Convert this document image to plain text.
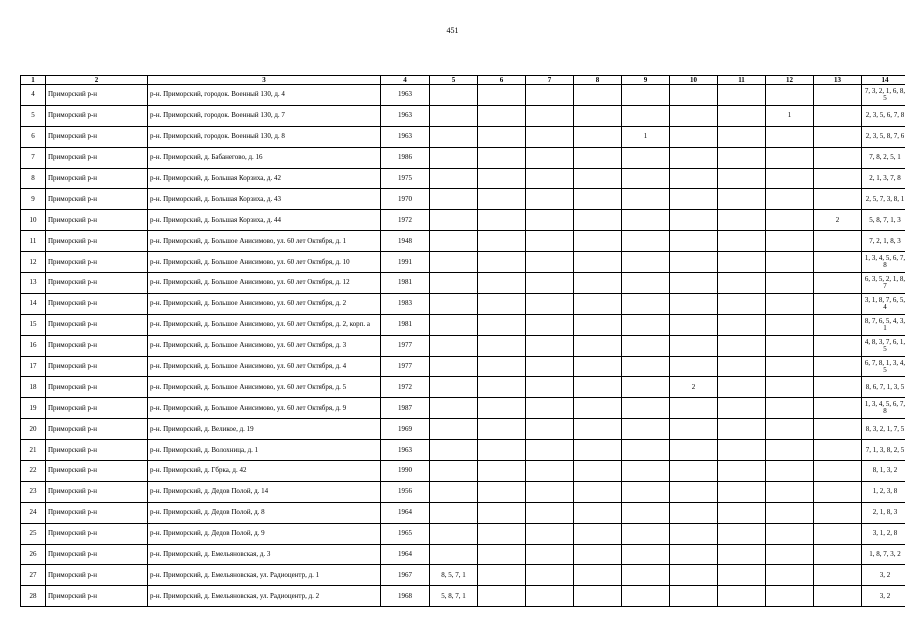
451
1	2	3	4	5	6	7	8	9	10	11	12	13	14
4	Приморский р-н	р-н. Приморский, городок. Военный 130, д. 4	1963										7, 3, 2, 1, 6, 8, 5
5	Приморский р-н	р-н. Приморский, городок. Военный 130, д. 7	1963								1		2, 3, 5, 6, 7, 8
6	Приморский р-н	р-н. Приморский, городок. Военный 130, д. 8	1963					1					2, 3, 5, 8, 7, 6
7	Приморский р-н	р-н. Приморский, д. Бабанегово, д. 16	1986										7, 8, 2, 5, 1
8	Приморский р-н	р-н. Приморский, д. Большая Корзиха, д. 42	1975										2, 1, 3, 7, 8
9	Приморский р-н	р-н. Приморский, д. Большая Корзиха, д. 43	1970										2, 5, 7, 3, 8, 1
10	Приморский р-н	р-н. Приморский, д. Большая Корзиха, д. 44	1972									2	5, 8, 7, 1, 3
11	Приморский р-н	р-н. Приморский, д. Большое Анисимово, ул. 60 лет Октября, д. 1	1948										7, 2, 1, 8, 3
12	Приморский р-н	р-н. Приморский, д. Большое Анисимово, ул. 60 лет Октября, д. 10	1991										1, 3, 4, 5, 6, 7, 8
13	Приморский р-н	р-н. Приморский, д. Большое Анисимово, ул. 60 лет Октября, д. 12	1981										6, 3, 5, 2, 1, 8, 7
14	Приморский р-н	р-н. Приморский, д. Большое Анисимово, ул. 60 лет Октября, д. 2	1983										3, 1, 8, 7, 6, 5, 4
15	Приморский р-н	р-н. Приморский, д. Большое Анисимово, ул. 60 лет Октября, д. 2, корп. а	1981										8, 7, 6, 5, 4, 3, 1
16	Приморский р-н	р-н. Приморский, д. Большое Анисимово, ул. 60 лет Октября, д. 3	1977										4, 8, 3, 7, 6, 1, 5
17	Приморский р-н	р-н. Приморский, д. Большое Анисимово, ул. 60 лет Октября, д. 4	1977										6, 7, 8, 1, 3, 4, 5
18	Приморский р-н	р-н. Приморский, д. Большое Анисимово, ул. 60 лет Октября, д. 5	1972						2				8, 6, 7, 1, 3, 5
19	Приморский р-н	р-н. Приморский, д. Большое Анисимово, ул. 60 лет Октября, д. 9	1987										1, 3, 4, 5, 6, 7, 8
20	Приморский р-н	р-н. Приморский, д. Великое, д. 19	1969										8, 3, 2, 1, 7, 5
21	Приморский р-н	р-н. Приморский, д. Волохница, д. 1	1963										7, 1, 3, 8, 2, 5
22	Приморский р-н	р-н. Приморский, д. Гбрка, д. 42	1990										8, 1, 3, 2
23	Приморский р-н	р-н. Приморский, д. Дедов Полой, д. 14	1956										1, 2, 3, 8
24	Приморский р-н	р-н. Приморский, д. Дедов Полой, д. 8	1964										2, 1, 8, 3
25	Приморский р-н	р-н. Приморский, д. Дедов Полой, д. 9	1965										3, 1, 2, 8
26	Приморский р-н	р-н. Приморский, д. Емельяновская, д. 3	1964										1, 8, 7, 3, 2
27	Приморский р-н	р-н. Приморский, д. Емельяновская, ул. Радиоцентр, д. 1	1967	8, 5, 7, 1									3, 2
28	Приморский р-н	р-н. Приморский, д. Емельяновская, ул. Радиоцентр, д. 2	1968	5, 8, 7, 1									3, 2
